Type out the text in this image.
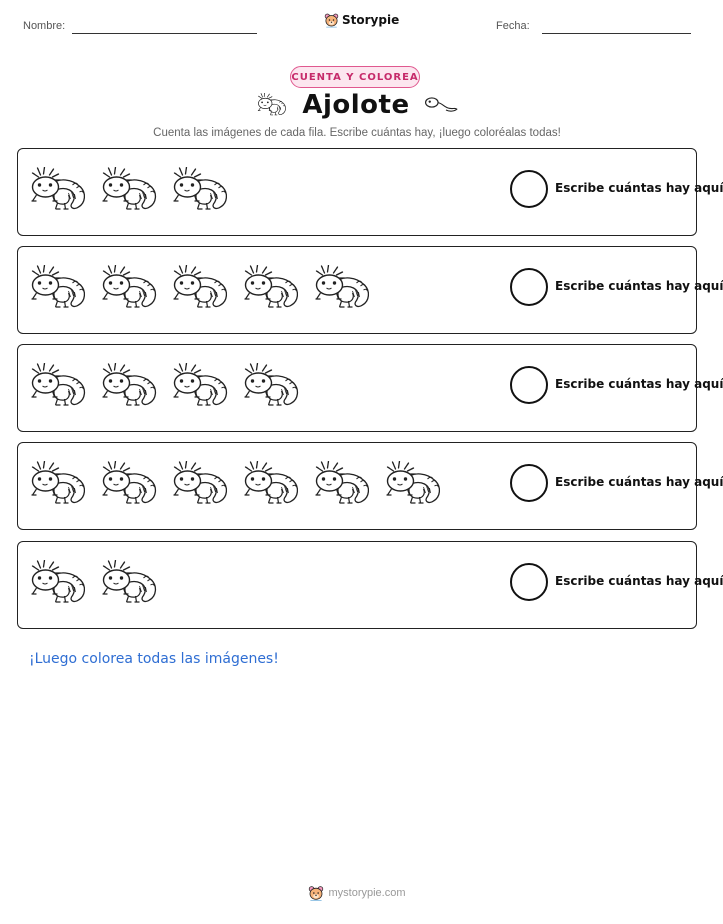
Nombre:	Storypie	Fecha:
CUENTA Y COLOREA
Ajolote
Cuenta las imágenes de cada fila. Escribe cuántas hay, ¡luego coloréalas todas!
Escribe cuántas hay aquí
Escribe cuántas hay aquí
Escribe cuántas hay aquí
Escribe cuántas hay aquí
Escribe cuántas hay aquí
¡Luego colorea todas las imágenes!
mystorypie.com
